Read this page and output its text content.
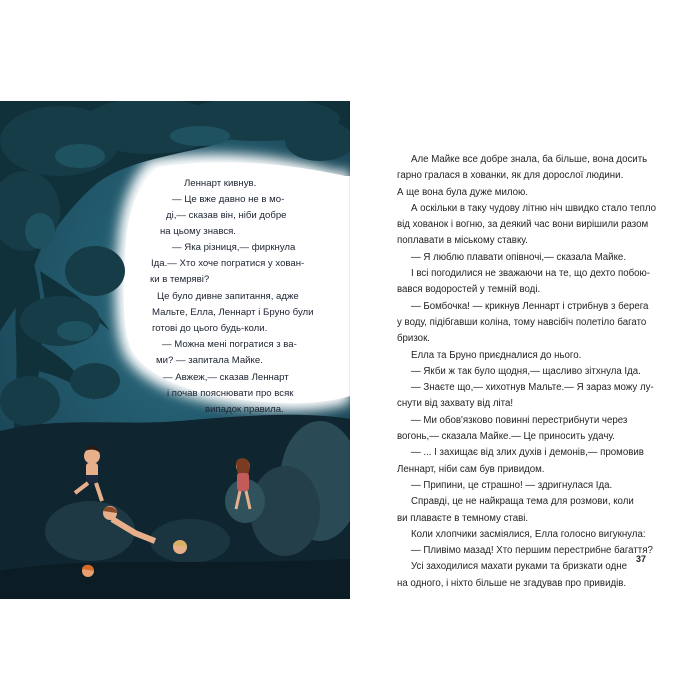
Леннарт кивнув.
— Це вже давно не в мо-
ді,— сказав він, ніби добре
на цьому знався.
— Яка різниця,— фиркнула
Іда.— Хто хоче погратися у хован-
ки в темряві?
Це було дивне запитання, адже
Мальте, Елла, Леннарт і Бруно були
готові до цього будь-коли.
— Можна мені погратися з ва-
ми? — запитала Майке.
— Авжеж,— сказав Леннарт
і почав пояснювати про всяк
випадок правила.
Але Майке все добре знала, ба більше, вона досить
гарно гралася в хованки, як для дорослої людини.
А ще вона була дуже милою.
А оскільки в таку чудову літню ніч швидко стало тепло
від хованок і вогню, за деякий час вони вирішили разом
поплавати в міському ставку.
— Я люблю плавати опівночі,— сказала Майке.
І всі погодилися не зважаючи на те, що дехто побою-
вався водоростей у темній воді.
— Бомбочка! — крикнув Леннарт і стрибнув з берега
у воду, підібгавши коліна, тому навсібіч полетіло багато
бризок.
Елла та Бруно приєдналися до нього.
— Якби ж так було щодня,— щасливо зітхнула Іда.
— Знаєте що,— хихотнув Мальте.— Я зараз можу лу-
снути від захвату від літа!
— Ми обов'язково повинні перестрибнути через
вогонь,— сказала Майке.— Це приносить удачу.
— ... І захищає від злих духів і демонів,— промовив
Леннарт, ніби сам був привидом.
— Припини, це страшно! — здригнулася Іда.
Справді, це не найкраща тема для розмови, коли
ви плаваєте в темному ставі.
Коли хлопчики засміялися, Елла голосно вигукнула:
— Пливімо мазад! Хто першим перестрибне багаття?
Усі заходилися махати руками та бризкати одне
на одного, і ніхто більше не згадував про привидів.
37
